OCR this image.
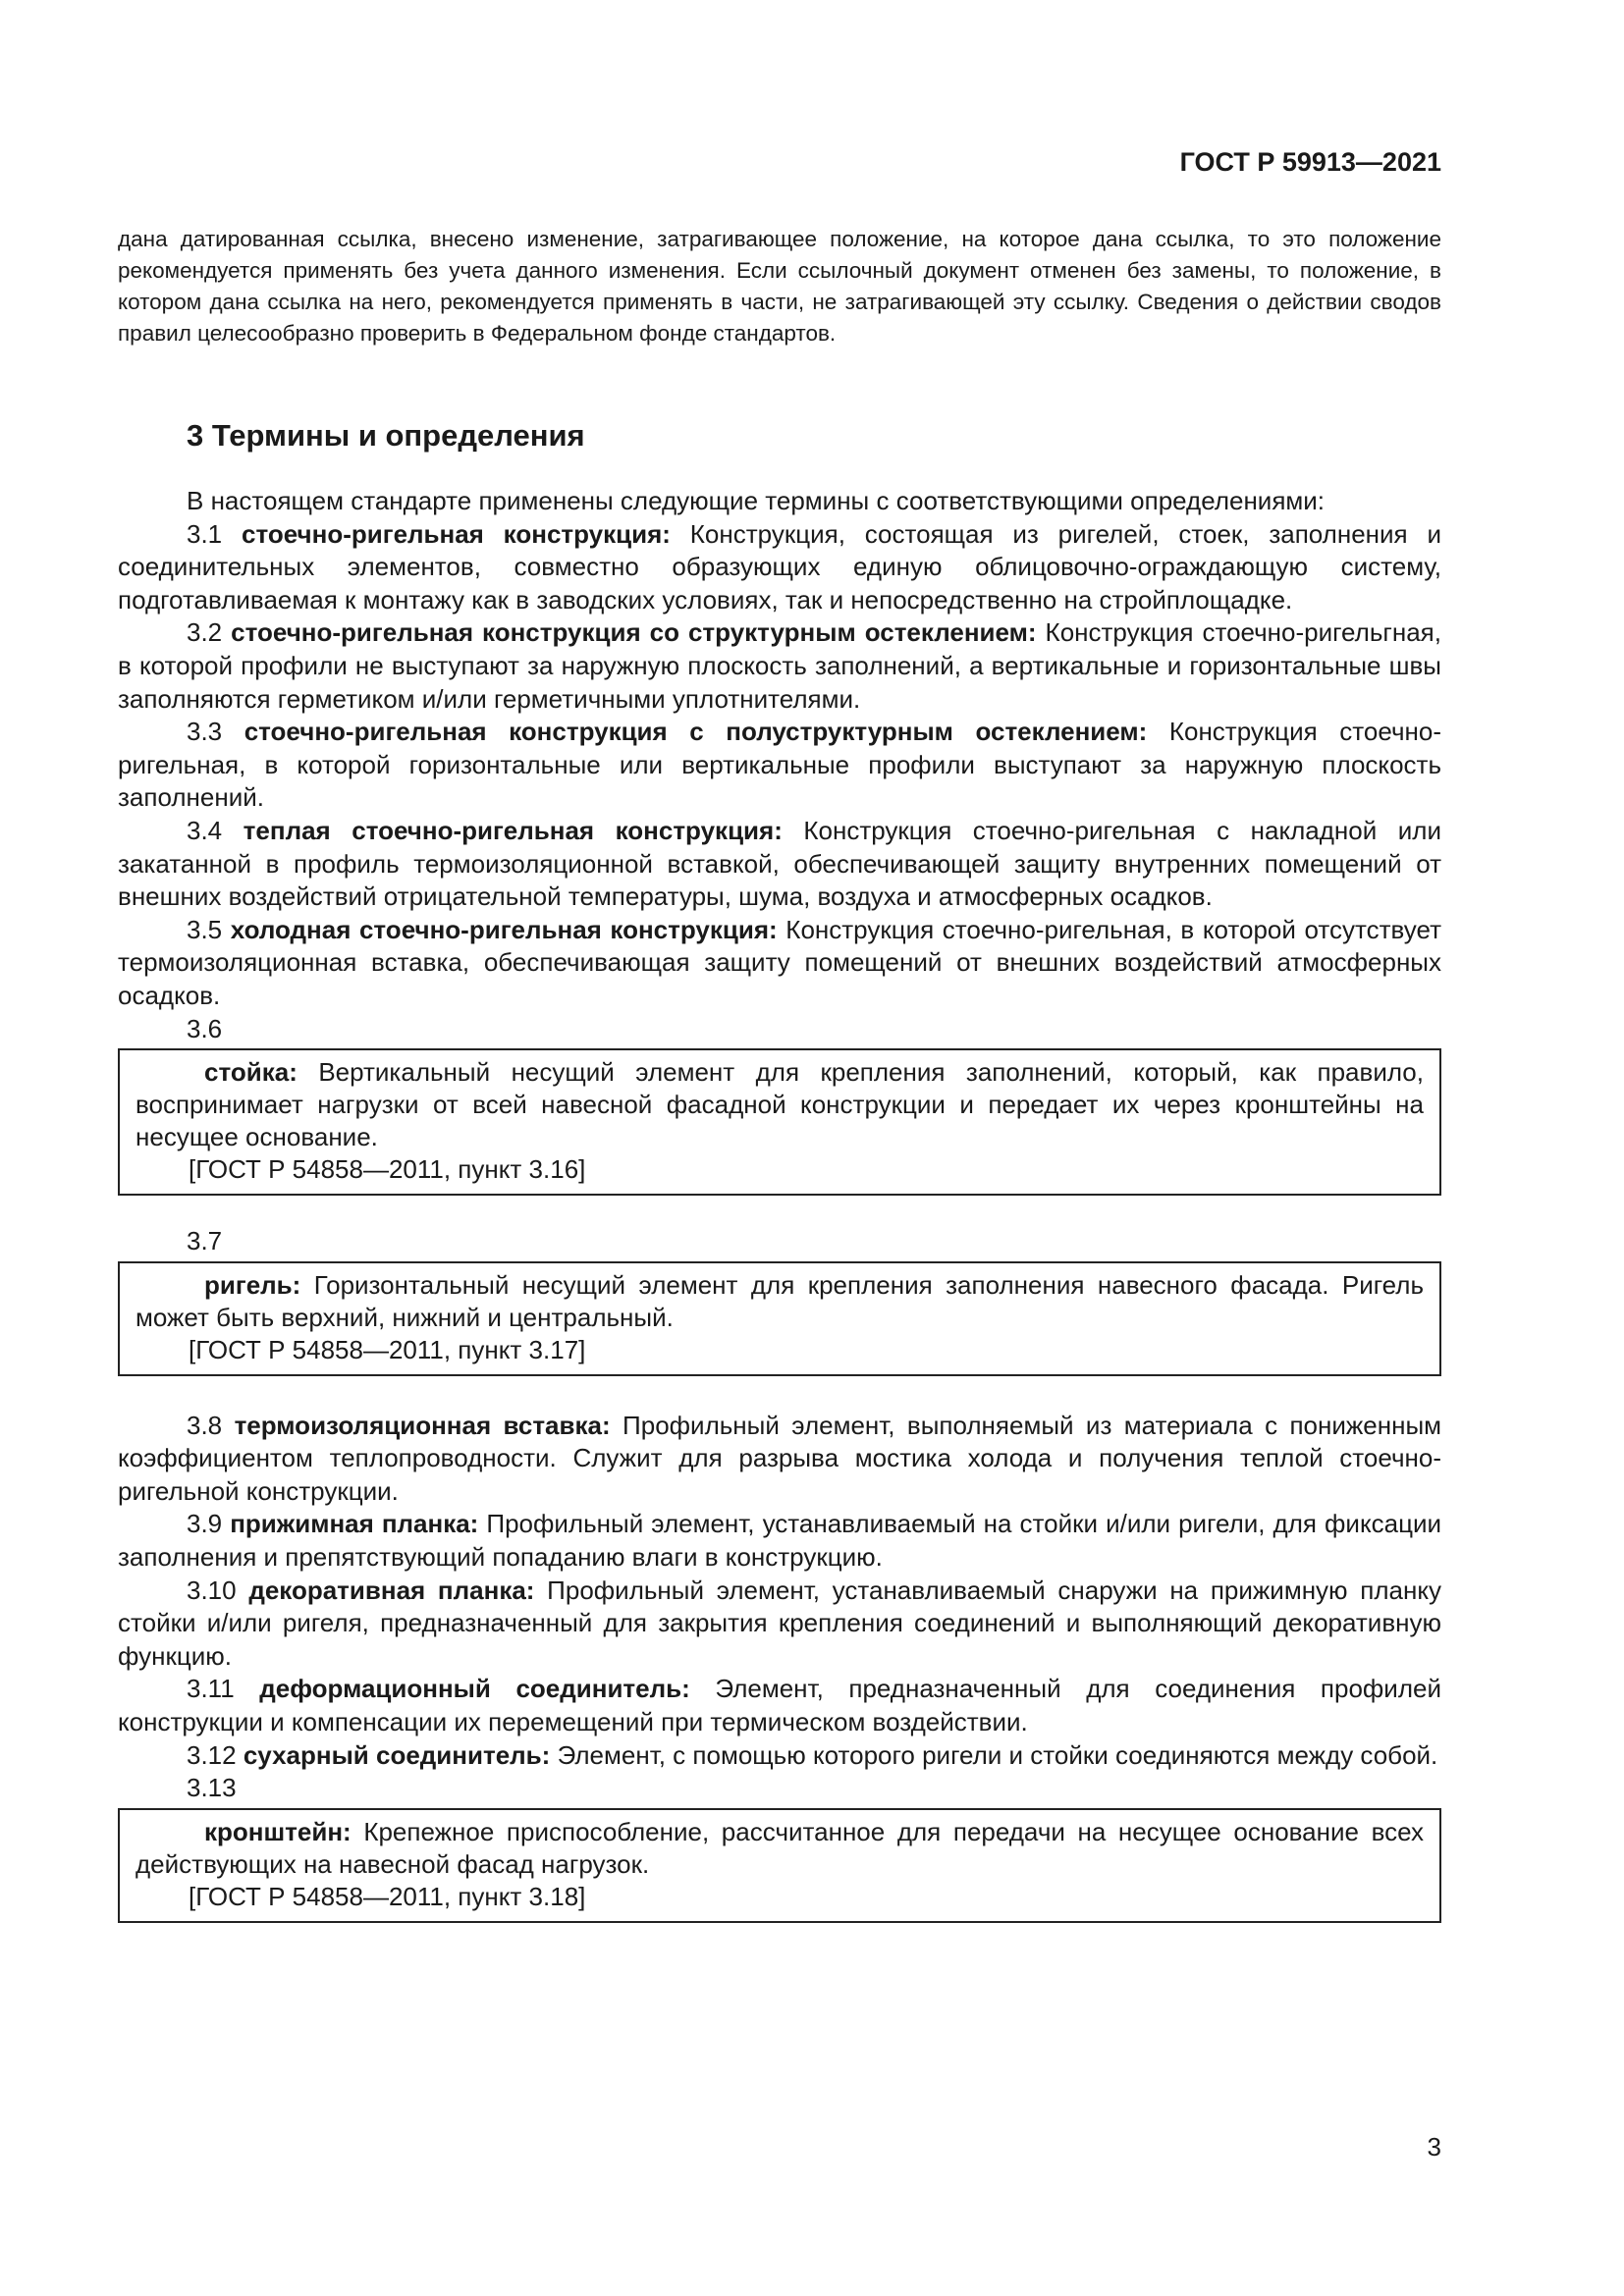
ГОСТ Р 59913—2021
дана датированная ссылка, внесено изменение, затрагивающее положение, на которое дана ссылка, то это положение рекомендуется применять без учета данного изменения. Если ссылочный документ отменен без замены, то положение, в котором дана ссылка на него, рекомендуется применять в части, не затрагивающей эту ссылку. Сведения о действии сводов правил целесообразно проверить в Федеральном фонде стандартов.
3 Термины и определения

В настоящем стандарте применены следующие термины с соответствующими определениями:

3.1 стоечно-ригельная конструкция: Конструкция, состоящая из ригелей, стоек, заполнения и соединительных элементов, совместно образующих единую облицовочно-ограждающую систему, подготавливаемая к монтажу как в заводских условиях, так и непосредственно на стройплощадке.

3.2 стоечно-ригельная конструкция со структурным остеклением: Конструкция стоечно-ригельгная, в которой профили не выступают за наружную плоскость заполнений, а вертикальные и горизонтальные швы заполняются герметиком и/или герметичными уплотнителями.

3.3 стоечно-ригельная конструкция с полуструктурным остеклением: Конструкция стоечно-ригельная, в которой горизонтальные или вертикальные профили выступают за наружную плоскость заполнений.

3.4 теплая стоечно-ригельная конструкция: Конструкция стоечно-ригельная с накладной или закатанной в профиль термоизоляционной вставкой, обеспечивающей защиту внутренних помещений от внешних воздействий отрицательной температуры, шума, воздуха и атмосферных осадков.

3.5 холодная стоечно-ригельная конструкция: Конструкция стоечно-ригельная, в которой отсутствует термоизоляционная вставка, обеспечивающая защиту помещений от внешних воздействий атмосферных осадков.

3.6

стойка: Вертикальный несущий элемент для крепления заполнений, который, как правило, воспринимает нагрузки от всей навесной фасадной конструкции и передает их через кронштейны на несущее основание.

[ГОСТ Р 54858—2011, пункт 3.16]

3.7

ригель: Горизонтальный несущий элемент для крепления заполнения навесного фасада. Ригель может быть верхний, нижний и центральный.

[ГОСТ Р 54858—2011, пункт 3.17]

3.8 термоизоляционная вставка: Профильный элемент, выполняемый из материала с пониженным коэффициентом теплопроводности. Служит для разрыва мостика холода и получения теплой стоечно-ригельной конструкции.

3.9 прижимная планка: Профильный элемент, устанавливаемый на стойки и/или ригели, для фиксации заполнения и препятствующий попаданию влаги в конструкцию.

3.10 декоративная планка: Профильный элемент, устанавливаемый снаружи на прижимную планку стойки и/или ригеля, предназначенный для закрытия крепления соединений и выполняющий декоративную функцию.

3.11 деформационный соединитель: Элемент, предназначенный для соединения профилей конструкции и компенсации их перемещений при термическом воздействии.

3.12 сухарный соединитель: Элемент, с помощью которого ригели и стойки соединяются между собой.

3.13

кронштейн: Крепежное приспособление, рассчитанное для передачи на несущее основание всех действующих на навесной фасад нагрузок.

[ГОСТ Р 54858—2011, пункт 3.18]

3
